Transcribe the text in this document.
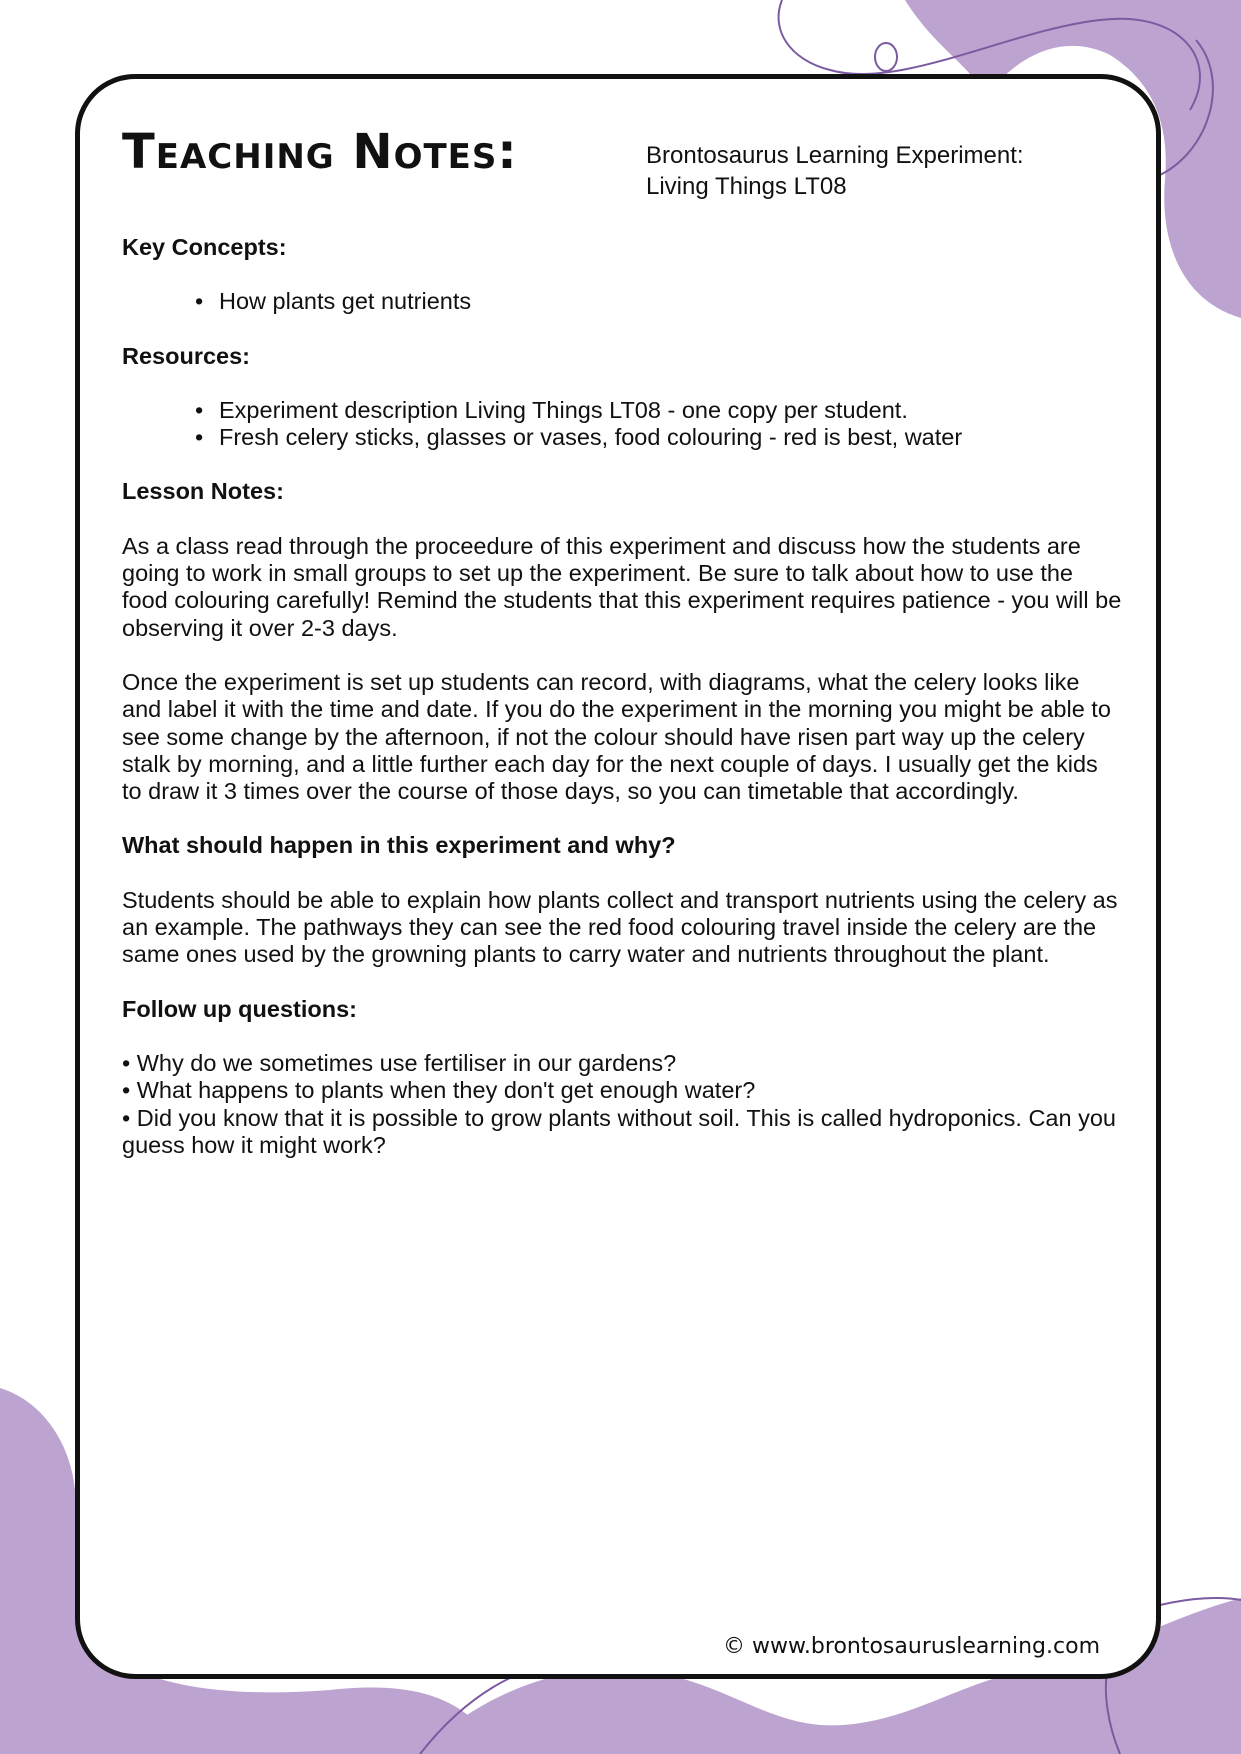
Teaching Notes:	Brontosaurus Learning Experiment:
Living Things LT08
Key Concepts:
• How plants get nutrients
Resources:
• Experiment description Living Things LT08 - one copy per student.
• Fresh celery sticks, glasses or vases, food colouring - red is best, water
Lesson Notes:

As a class read through the proceedure of this experiment and discuss how the students are going to work in small groups to set up the experiment. Be sure to talk about how to use the food colouring carefully! Remind the students that this experiment requires patience - you will be observing it over 2-3 days.

Once the experiment is set up students can record, with diagrams, what the celery looks like and label it with the time and date. If you do the experiment in the morning you might be able to see some change by the afternoon, if not the colour should have risen part way up the celery stalk by morning, and a little further each day for the next couple of days. I usually get the kids to draw it 3 times over the course of those days, so you can timetable that accordingly.

What should happen in this experiment and why?

Students should be able to explain how plants collect and transport nutrients using the celery as an example. The pathways they can see the red food colouring travel inside the celery are the same ones used by the growning plants to carry water and nutrients throughout the plant.

Follow up questions:
• Why do we sometimes use fertiliser in our gardens?
• What happens to plants when they don't get enough water?
• Did you know that it is possible to grow plants without soil. This is called hydroponics. Can you guess how it might work?
© www.brontosauruslearning.com
